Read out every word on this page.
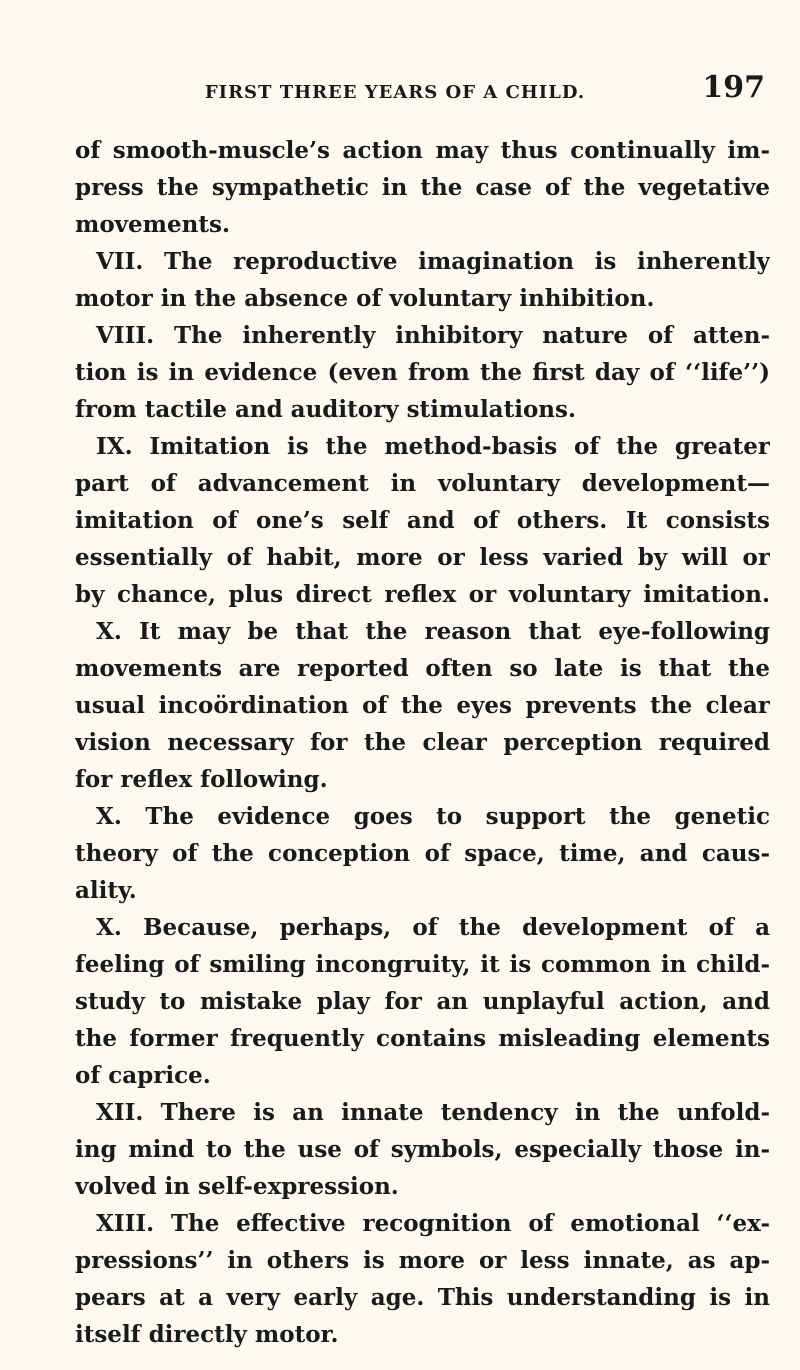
FIRST THREE YEARS OF A CHILD.	197
of smooth-muscle’s action may thus continually im-
press the sympathetic in the case of the vegetative
movements.
VII. The reproductive imagination is inherently
motor in the absence of voluntary inhibition.
VIII. The inherently inhibitory nature of atten-
tion is in evidence (even from the first day of ‘‘life’’)
from tactile and auditory stimulations.
IX. Imitation is the method-basis of the greater
part of advancement in voluntary development—
imitation of one’s self and of others. It consists
essentially of habit, more or less varied by will or
by chance, plus direct reflex or voluntary imitation.
X. It may be that the reason that eye-following
movements are reported often so late is that the
usual incoördination of the eyes prevents the clear
vision necessary for the clear perception required
for reflex following.
X. The evidence goes to support the genetic
theory of the conception of space, time, and caus-
ality.
X. Because, perhaps, of the development of a
feeling of smiling incongruity, it is common in child-
study to mistake play for an unplayful action, and
the former frequently contains misleading elements
of caprice.
XII. There is an innate tendency in the unfold-
ing mind to the use of symbols, especially those in-
volved in self-expression.
XIII. The effective recognition of emotional ‘‘ex-
pressions’’ in others is more or less innate, as ap-
pears at a very early age. This understanding is in
itself directly motor.
